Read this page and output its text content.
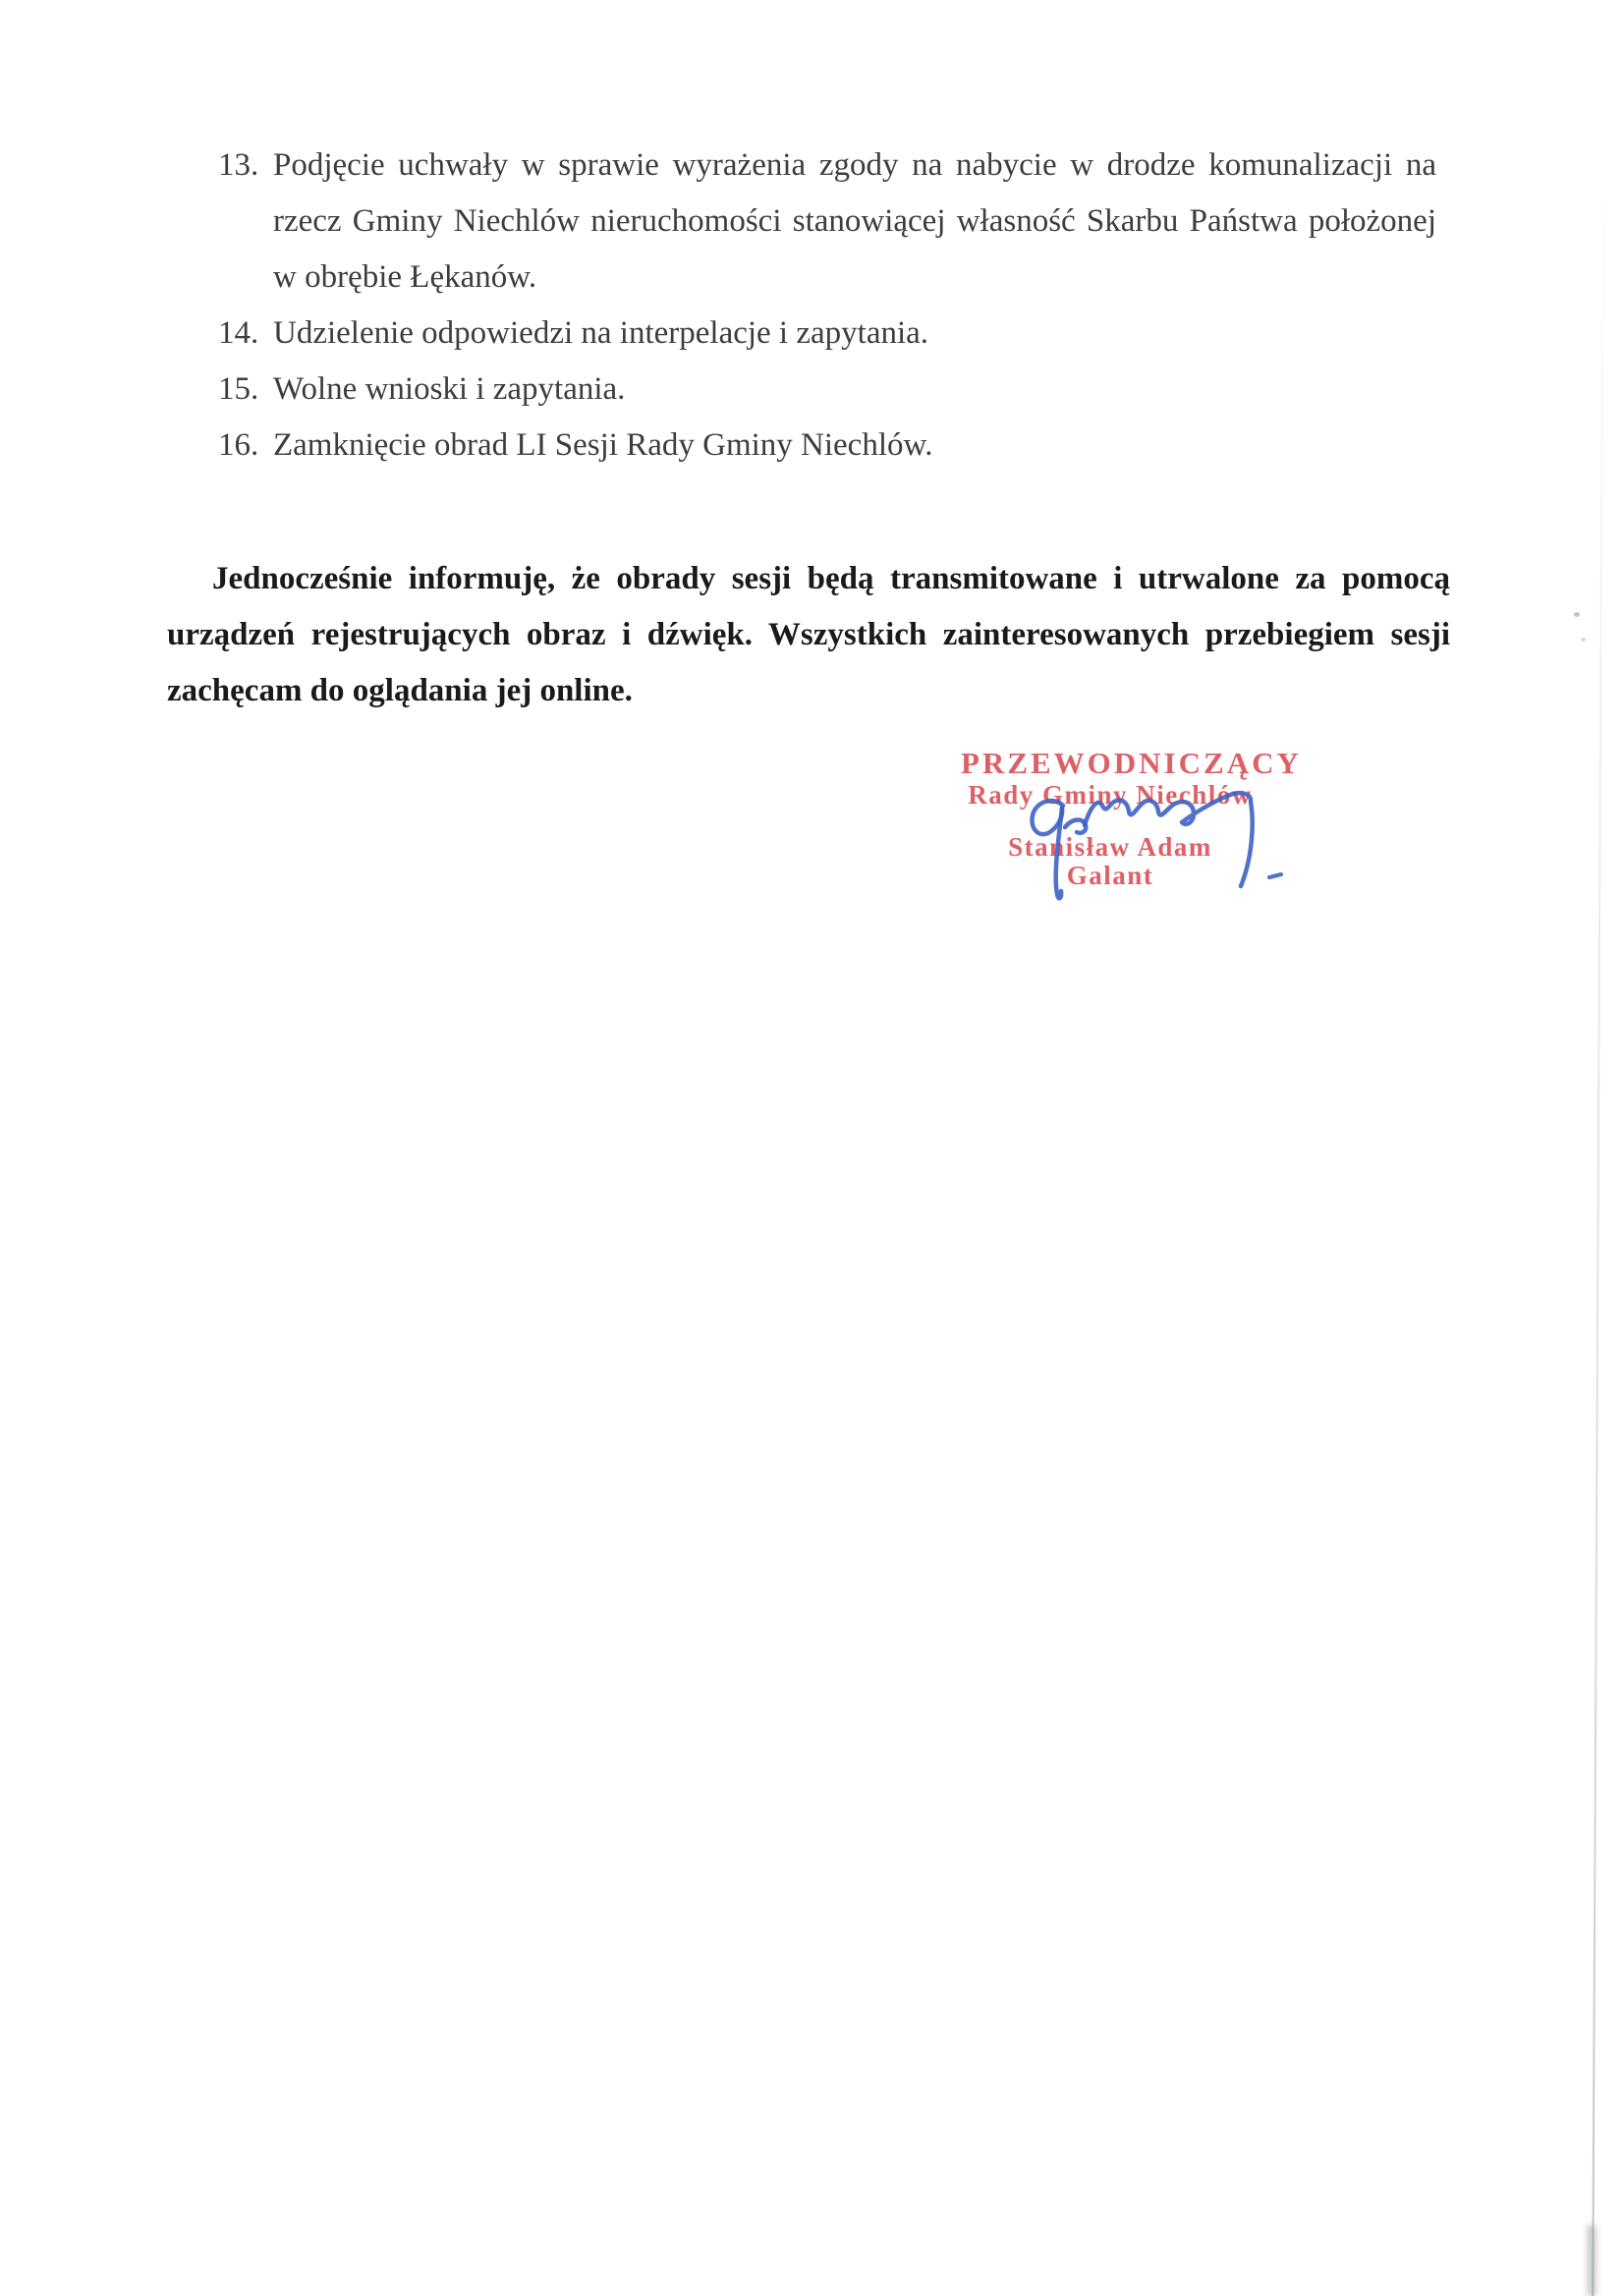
13. Podjęcie uchwały w sprawie wyrażenia zgody na nabycie w drodze komunalizacji na rzecz Gminy Niechlów nieruchomości stanowiącej własność Skarbu Państwa położonej w obrębie Łękanów.
14. Udzielenie odpowiedzi na interpelacje i zapytania.
15. Wolne wnioski i zapytania.
16. Zamknięcie obrad LI Sesji Rady Gminy Niechlów.

Jednocześnie informuję, że obrady sesji będą transmitowane i utrwalone za pomocą urządzeń rejestrujących obraz i dźwięk. Wszystkich zainteresowanych przebiegiem sesji zachęcam do oglądania jej online.

PRZEWODNICZĄCY
Rady Gminy Niechlów
Stanisław Adam Galant
